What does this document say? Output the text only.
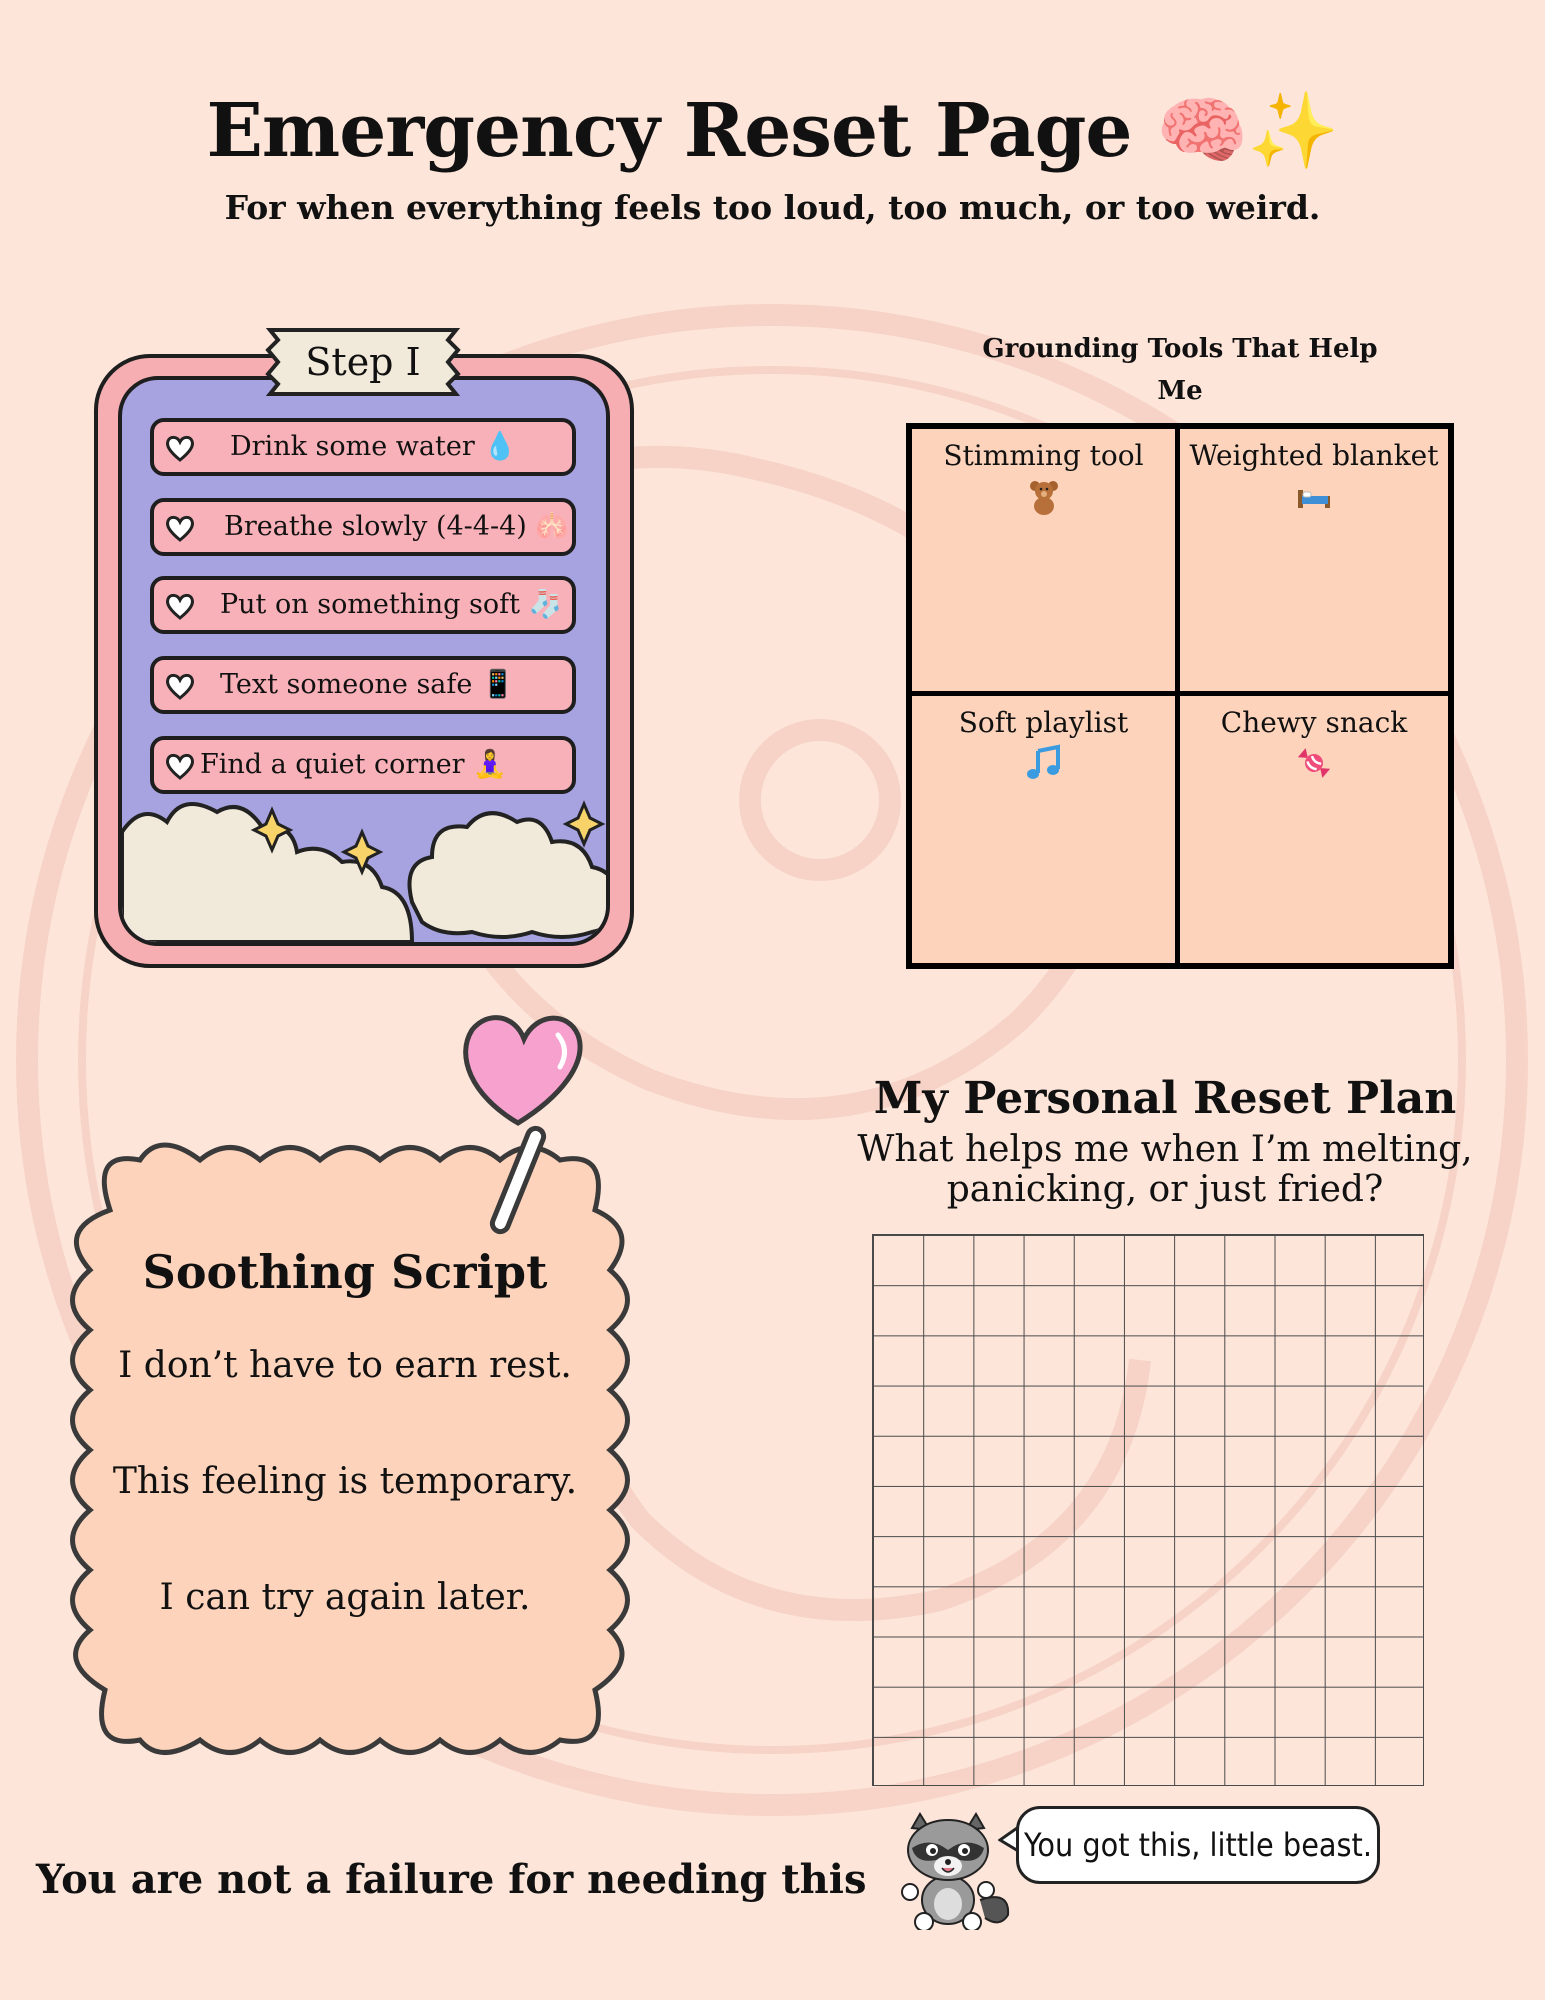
Emergency Reset Page 🧠✨
For when everything feels too loud, too much, or too weird.
Step I
Drink some water 💧
Breathe slowly (4-4-4) 🫁
Put on something soft 🧦
Text someone safe 📱
Find a quiet corner 🧘‍♀️
Grounding Tools That Help
Me
Stimming tool	Weighted blanket
Soft playlist	Chewy snack
Soothing Script
I don’t have to earn rest.
This feeling is temporary.
I can try again later.
My Personal Reset Plan
What helps me when I’m melting,
panicking, or just fried?
You are not a failure for needing this
You got this, little beast.
